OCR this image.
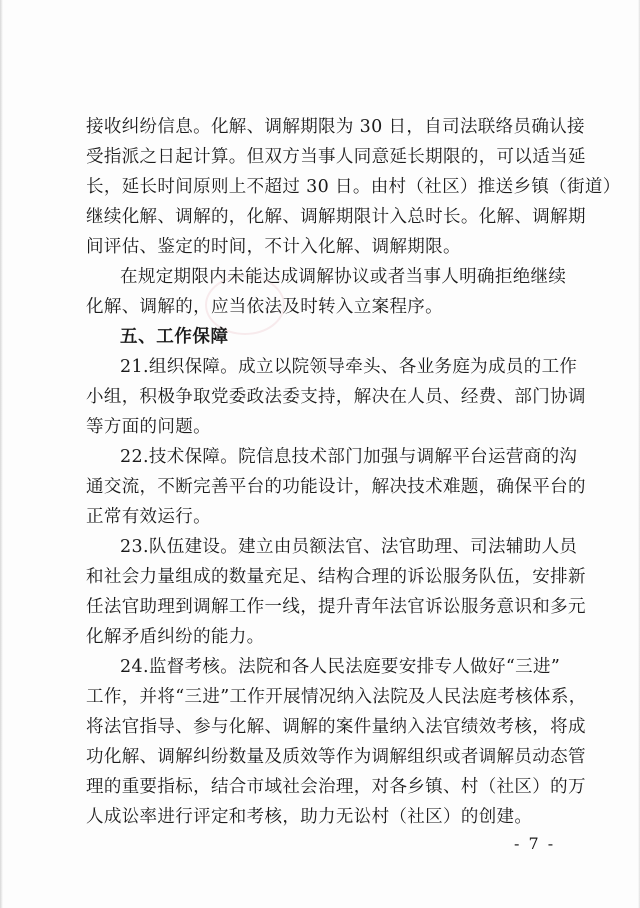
接收纠纷信息。化解、调解期限为 30 日，自司法联络员确认接
受指派之日起计算。但双方当事人同意延长期限的，可以适当延
长，延长时间原则上不超过 30 日。由村（社区）推送乡镇（街道）
继续化解、调解的，化解、调解期限计入总时长。化解、调解期
间评估、鉴定的时间，不计入化解、调解期限。
在规定期限内未能达成调解协议或者当事人明确拒绝继续
化解、调解的，应当依法及时转入立案程序。
五、工作保障
21.组织保障。成立以院领导牵头、各业务庭为成员的工作
小组，积极争取党委政法委支持，解决在人员、经费、部门协调
等方面的问题。
22.技术保障。院信息技术部门加强与调解平台运营商的沟
通交流，不断完善平台的功能设计，解决技术难题，确保平台的
正常有效运行。
23.队伍建设。建立由员额法官、法官助理、司法辅助人员
和社会力量组成的数量充足、结构合理的诉讼服务队伍，安排新
任法官助理到调解工作一线，提升青年法官诉讼服务意识和多元
化解矛盾纠纷的能力。
24.监督考核。法院和各人民法庭要安排专人做好“三进”
工作，并将“三进”工作开展情况纳入法院及人民法庭考核体系，
将法官指导、参与化解、调解的案件量纳入法官绩效考核，将成
功化解、调解纠纷数量及质效等作为调解组织或者调解员动态管
理的重要指标，结合市域社会治理，对各乡镇、村（社区）的万
人成讼率进行评定和考核，助力无讼村（社区）的创建。
- 7 -
